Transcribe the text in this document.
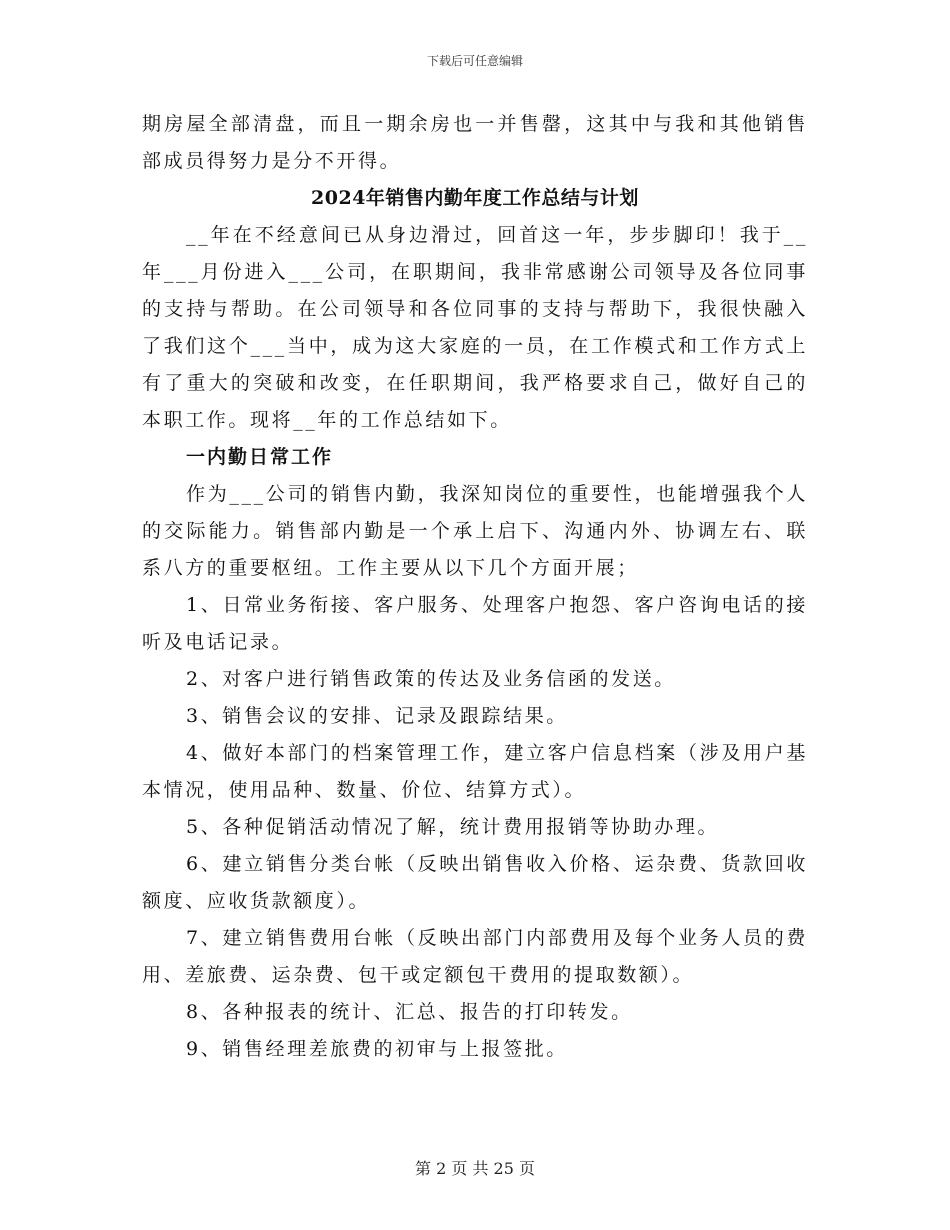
下载后可任意编辑

期房屋全部清盘，而且一期余房也一并售罄，这其中与我和其他销售部成员得努力是分不开得。

2024年销售内勤年度工作总结与计划

__年在不经意间已从身边滑过，回首这一年，步步脚印！我于__年___月份进入___公司，在职期间，我非常感谢公司领导及各位同事的支持与帮助。在公司领导和各位同事的支持与帮助下，我很快融入了我们这个___当中，成为这大家庭的一员，在工作模式和工作方式上有了重大的突破和改变，在任职期间，我严格要求自己，做好自己的本职工作。现将__年的工作总结如下。

一内勤日常工作

作为___公司的销售内勤，我深知岗位的重要性，也能增强我个人的交际能力。销售部内勤是一个承上启下、沟通内外、协调左右、联系八方的重要枢纽。工作主要从以下几个方面开展；

1、日常业务衔接、客户服务、处理客户抱怨、客户咨询电话的接听及电话记录。

2、对客户进行销售政策的传达及业务信函的发送。

3、销售会议的安排、记录及跟踪结果。

4、做好本部门的档案管理工作，建立客户信息档案（涉及用户基本情况，使用品种、数量、价位、结算方式）。

5、各种促销活动情况了解，统计费用报销等协助办理。

6、建立销售分类台帐（反映出销售收入价格、运杂费、货款回收额度、应收货款额度）。

7、建立销售费用台帐（反映出部门内部费用及每个业务人员的费用、差旅费、运杂费、包干或定额包干费用的提取数额）。

8、各种报表的统计、汇总、报告的打印转发。

9、销售经理差旅费的初审与上报签批。

第 2 页 共 25 页
